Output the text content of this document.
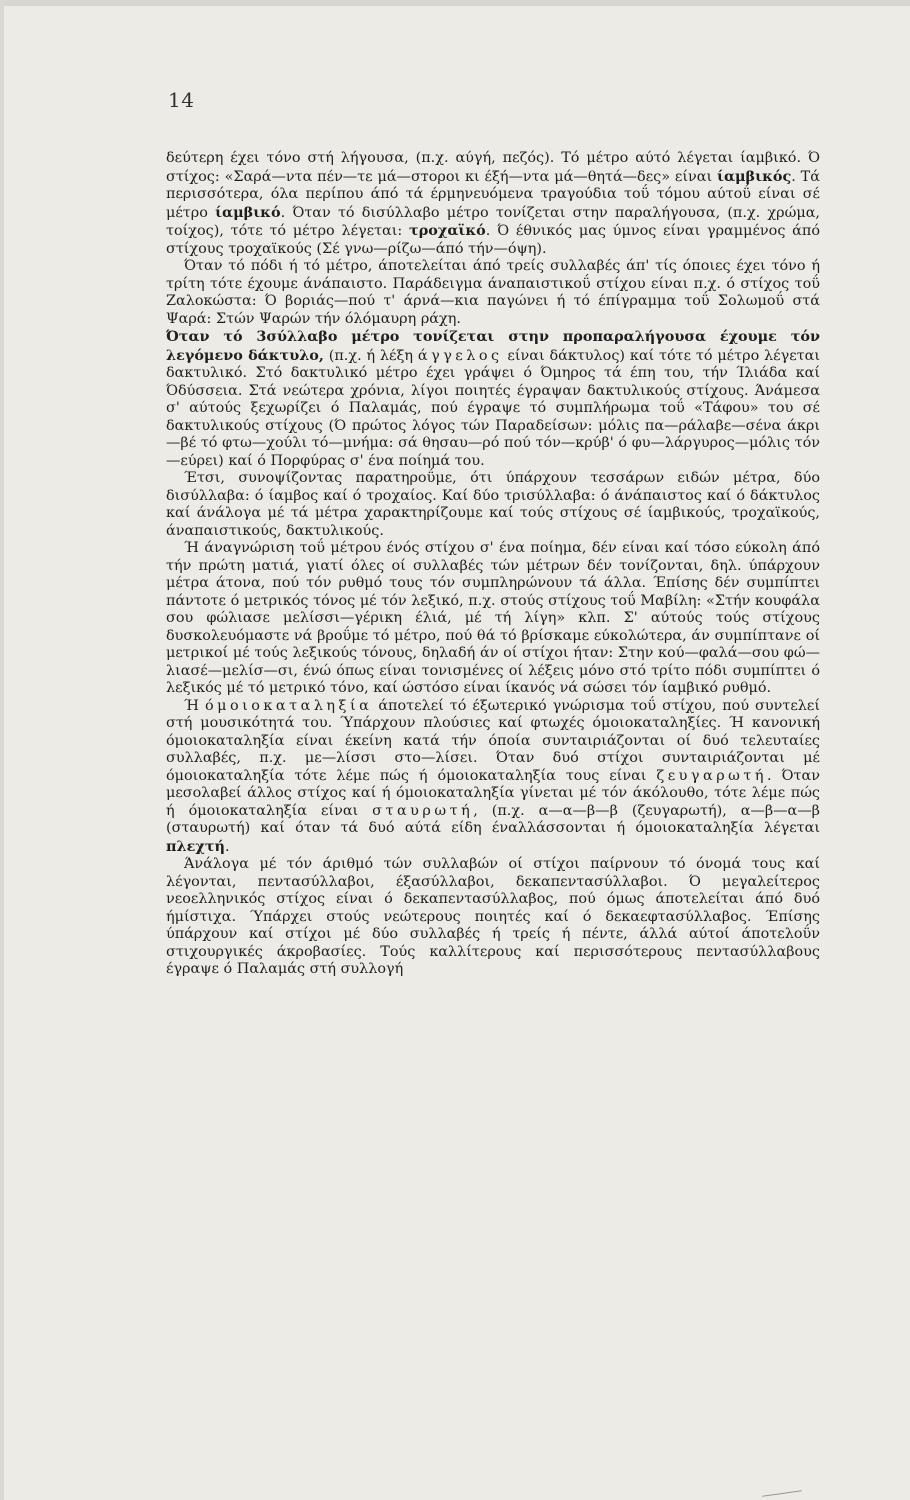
14

δεύτερη έχει τόνο στή λήγουσα, (π.χ. αύγή, πεζός). Τό μέτρο αύτό λέγεται ίαμβικό. Ό στίχος: «Σαρά—ντα πέν—τε μά—σтοροι κι έξή—ντα μά—θητά—δες» είναι ίαμβικός. Τά περισσότερα, όλα περίπου άπό τά έρμηνευόμενα τραγούδια τοΰ τόμου αύτοΰ είναι σέ μέτρο ίαμβικό. Όταν τό δισύλλαβο μέτρο τονίζεται στην παραλήγουσα, (π.χ. χρώμα, τοίχος), τότε τό μέτρο λέγεται: τροχαϊκό. Ό έθνικός μας ύμνος είναι γραμμένος άπό στίχους τροχαϊκούς (Σέ γνω—ρίζω—άπό τήν—όψη).

Όταν τό πόδι ή τό μέτρο, άποτελείται άπό τρείς συλλαβές άπ' τίς όποιες έχει τόνο ή τρίτη τότε έχουμε άνάπαιστο. Παράδειγμα άναπαιστικοΰ στίχου είναι π.χ. ό στίχος τοΰ Ζαλοκώστα: Ό βοριάς—πού τ' άρνά—κια παγώνει ή τό έπίγραμμα τοΰ Σολωμοΰ στά Ψαρά: Στών Ψαρών τήν όλόμαυρη ράχη.

Όταν τό 3σύλλαβο μέτρο τονίζεται στην προπαραλήγουσα έχουμε τόν λεγόμενο δάκτυλο, (π.χ. ή λέξη άγγελος είναι δάκτυλος) καί τότε τό μέτρο λέγεται δακτυλικό. Στό δακτυλικό μέτρο έχει γράψει ό Όμηρος τά έπη του, τήν Ίλιάδα καί Όδύσσεια. Στά νεώτερα χρόνια, λίγοι ποιητές έγραψαν δακτυλικούς στίχους. Άνάμεσα σ' αύτούς ξεχωρίζει ό Παλαμάς, πού έγραψε τό συμπλήρωμα τοΰ «Τάφου» του σέ δακτυλικούς στίχους (Ό πρώτος λόγος τών Παραδείσων: μόλις πα—ράλαβε—σένα άκρι—βέ τό φτω—χούλι τό—μνήμα: σά θησαυ—ρό πού τόν—κρύβ' ό φυ—λάργυρος—μόλις τόν—εύρει) καί ό Πορφύρας σ' ένα ποίημά του.

Έτσι, συνοψίζοντας παρατηροΰμε, ότι ύπάρχουν τεσσάρων ειδών μέτρα, δύο δισύλλαβα: ό ίαμβος καί ό τροχαίος. Καί δύο τρισύλλαβα: ό άνάπαιστος καί ό δάκτυλος καί άνάλογα μέ τά μέτρα χαρακτηρίζουμε καί τούς στίχους σέ ίαμβικούς, τροχαϊκούς, άναπαιστικούς, δακτυλικούς.

Ή άναγνώριση τοΰ μέτρου ένός στίχου σ' ένα ποίημα, δέν είναι καί τόσο εύκολη άπό τήν πρώτη ματιά, γιατί όλες οί συλλαβές τών μέτρων δέν τονίζονται, δηλ. ύπάρχουν μέτρα άτονα, πού τόν ρυθμό τους τόν συμπληρώνουν τά άλλα. Έπίσης δέν συμπίπτει πάντοτε ό μετρικός τόνος μέ τόν λεξικό, π.χ. στούς στίχους τοΰ Μαβίλη: «Στήν κουφάλα σου φώλιασε μελίσσι—γέρικη έλιά, μέ τή λίγη» κλπ. Σ' αύτούς τούς στίχους δυσκολευόμαστε νά βροΰμε τό μέτρο, πού θά τό βρίσκαμε εύκολώτερα, άν συμπίπτανε οί μετρικοί μέ τούς λεξικούς τόνους, δηλαδή άν οί στίχοι ήταν: Στην κού—φαλά—σου φώ—λιασέ—μελίσ—σι, ένώ όπως είναι τονισμένες οί λέξεις μόνο στό τρίτο πόδι συμπίπτει ό λεξικός μέ τό μετρικό τόνο, καί ώστόσο είναι ίκανός νά σώσει τόν ίαμβικό ρυθμό.

Ή όμοιοκαταληξία άποτελεί τό έξωτερικό γνώρισμα τοΰ στίχου, πού συντελεί στή μουσικότητά του. Ύπάρχουν πλούσιες καί φτωχές όμοιοκαταληξίες. Ή κανονική όμοιοκαταληξία είναι έκείνη κατά τήν όποία συνταιριάζονται οί δυό τελευταίες συλλαβές, π.χ. με—λίσσι στο—λίσει. Όταν δυό στίχοι συνταιριάζονται μέ όμοιοκαταληξία τότε λέμε πώς ή όμοιοκαταληξία τους είναι ζευγαρωτή. Όταν μεσολαβεί άλλος στίχος καί ή όμοιοκαταληξία γίνεται μέ τόν άκόλουθο, τότε λέμε πώς ή όμοιοκαταληξία είναι σταυρωτή, (π.χ. α—α—β—β (ζευγαρωτή), α—β—α—β (σταυρωτή) καί όταν τά δυό αύτά είδη έναλλάσσονται ή όμοιοκαταληξία λέγεται πλεχτή.

Άνάλογα μέ τόν άριθμό τών συλλαβών οί στίχοι παίρνουν τό όνομά τους καί λέγονται, πεντασύλλαβοι, έξασύλλαβοι, δεκαπεντασύλλαβοι. Ό μεγαλείτερος νεοελληνικός στίχος είναι ό δεκαπεντασύλλαβος, πού όμως άποτελείται άπό δυό ήμίστιχα. Ύπάρχει στούς νεώτερους ποιητές καί ό δεκαεφτασύλλαβος. Έπίσης ύπάρχουν καί στίχοι μέ δύο συλλαβές ή τρείς ή πέντε, άλλά αύτοί άποτελοΰν στιχουργικές άκροβασίες. Τούς καλλίτερους καί περισσότερους πεντασύλλαβους έγραψε ό Παλαμάς στή συλλογή
